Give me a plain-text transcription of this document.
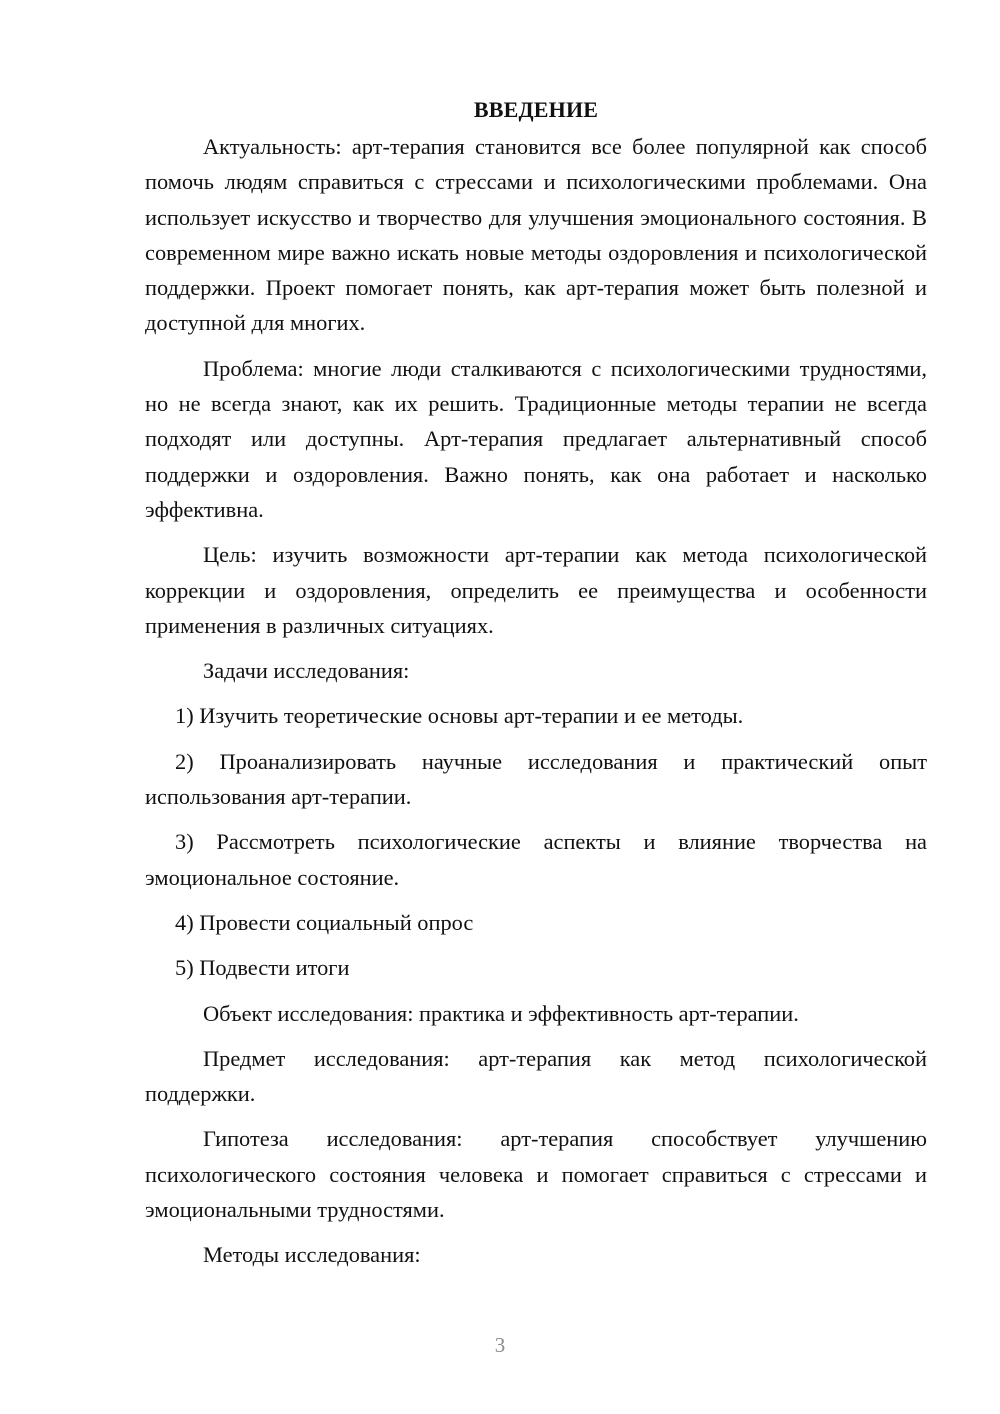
ВВЕДЕНИЕ

Актуальность: арт-терапия становится все более популярной как способ помочь людям справиться с стрессами и психологическими проблемами. Она использует искусство и творчество для улучшения эмоционального состояния. В современном мире важно искать новые методы оздоровления и психологической поддержки. Проект помогает понять, как арт-терапия может быть полезной и доступной для многих.

Проблема: многие люди сталкиваются с психологическими трудностями, но не всегда знают, как их решить. Традиционные методы терапии не всегда подходят или доступны. Арт-терапия предлагает альтернативный способ поддержки и оздоровления. Важно понять, как она работает и насколько эффективна.

Цель: изучить возможности арт-терапии как метода психологической коррекции и оздоровления, определить ее преимущества и особенности применения в различных ситуациях.

Задачи исследования:

1) Изучить теоретические основы арт-терапии и ее методы.

2) Проанализировать научные исследования и практический опыт использования арт-терапии.

3) Рассмотреть психологические аспекты и влияние творчества на эмоциональное состояние.

4) Провести социальный опрос

5) Подвести итоги

Объект исследования: практика и эффективность арт-терапии.

Предмет исследования: арт-терапия как метод психологической поддержки.

Гипотеза исследования: арт-терапия способствует улучшению психологического состояния человека и помогает справиться с стрессами и эмоциональными трудностями.

Методы исследования:

3
